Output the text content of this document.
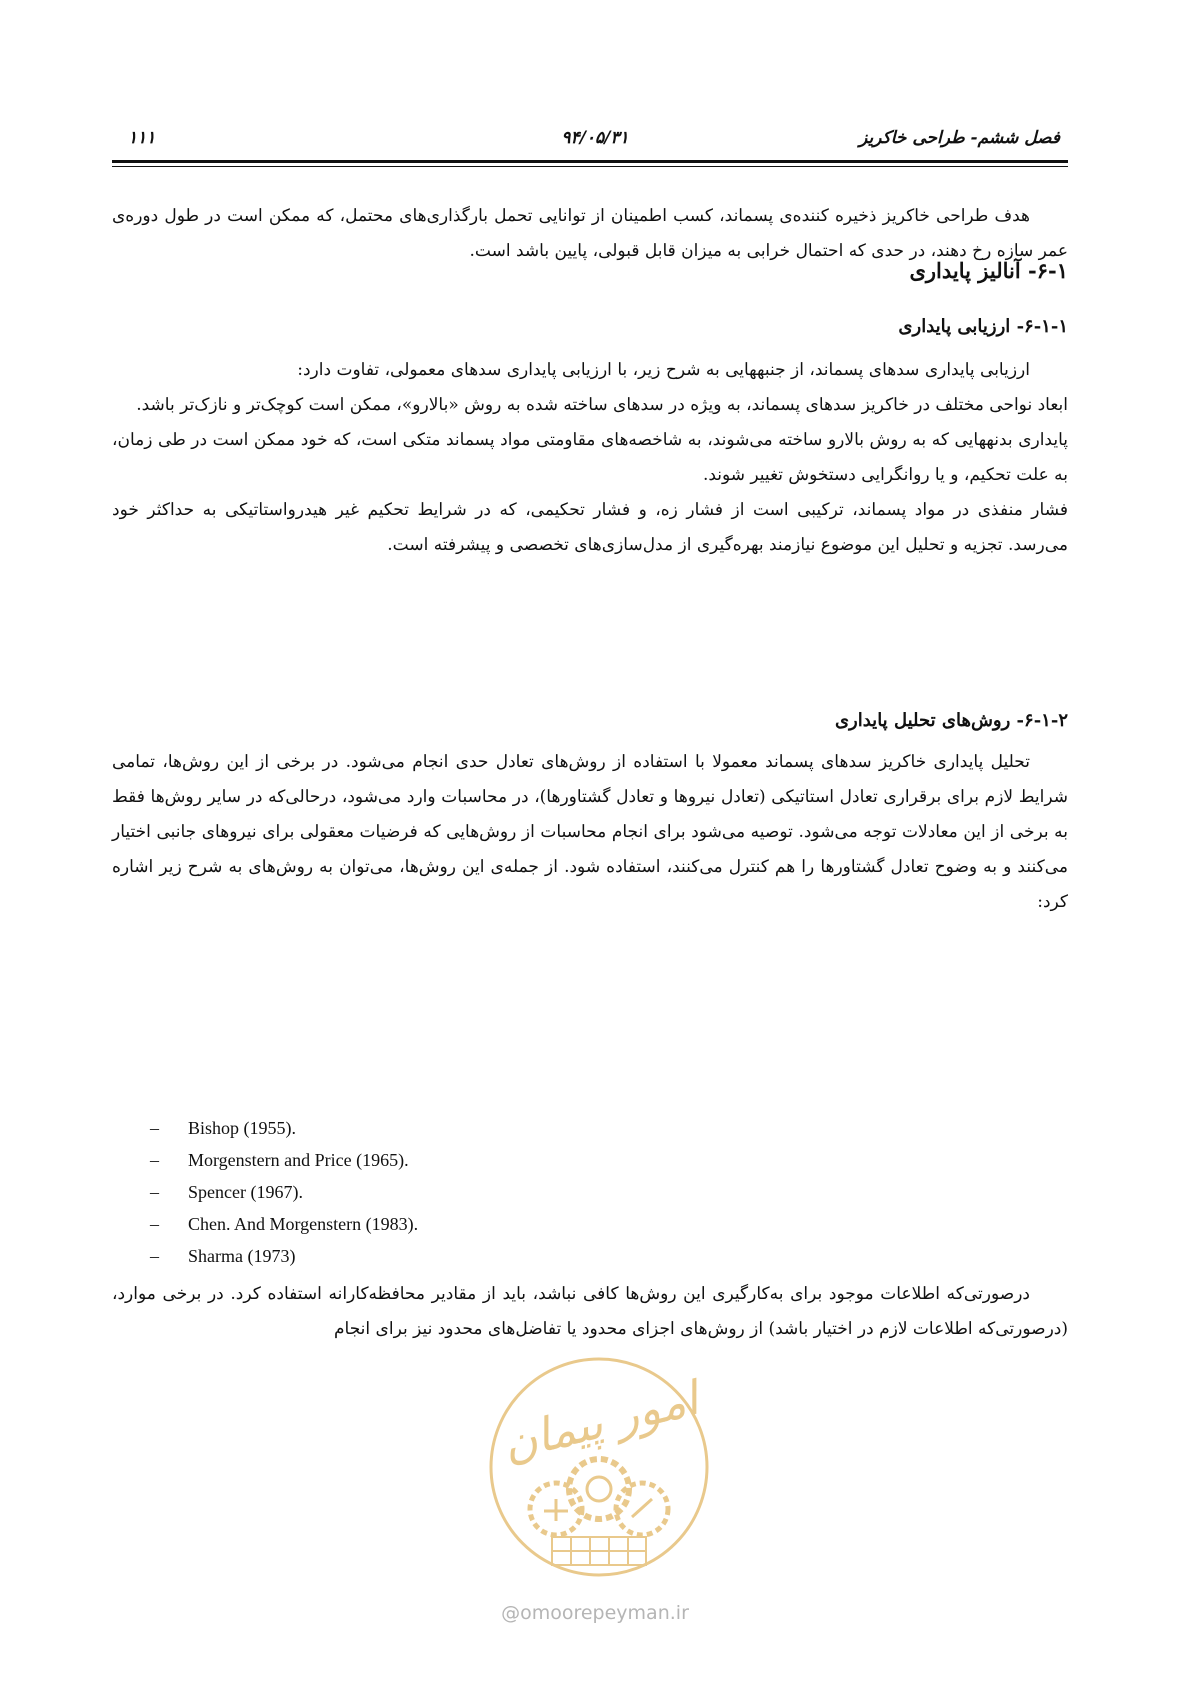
فصل ششم- طراحی خاکریز
۹۴/۰۵/۳۱
۱۱۱
هدف طراحی خاکریز ذخیره کننده‌ی پسماند، کسب اطمینان از توانایی تحمل بارگذاری‌های محتمل، که ممکن است در طول دوره‌ی عمر سازه رخ دهند، در حدی که احتمال خرابی به میزان قابل قبولی، پایین باشد است.
۶-۱- آنالیز پایداری
۶-۱-۱- ارزیابی پایداری

ارزیابی پایداری سدهای پسماند، از جنبههایی به شرح زیر، با ارزیابی پایداری سدهای معمولی، تفاوت دارد:

ابعاد نواحی مختلف در خاکریز سدهای پسماند، به ویژه در سدهای ساخته شده به روش «بالارو»، ممکن است کوچک‌تر و نازک‌تر باشد.

پایداری بدنههایی که به روش بالارو ساخته می‌شوند، به شاخصه‌های مقاومتی مواد پسماند متکی است، که خود ممکن است در طی زمان، به علت تحکیم، و یا روانگرایی دستخوش تغییر شوند.

فشار منفذی در مواد پسماند، ترکیبی است از فشار زه، و فشار تحکیمی، که در شرایط تحکیم غیر هیدرواستاتیکی به حداکثر خود می‌رسد. تجزیه و تحلیل این موضوع نیازمند بهره‌گیری از مدل‌سازی‌های تخصصی و پیشرفته است.

۶-۱-۲- روش‌های تحلیل پایداری
تحلیل پایداری خاکریز سدهای پسماند معمولا با استفاده از روش‌های تعادل حدی انجام می‌شود. در برخی از این روش‌ها، تمامی شرایط لازم برای برقراری تعادل استاتیکی (تعادل نیروها و تعادل گشتاورها)، در محاسبات وارد می‌شود، درحالی‌که در سایر روش‌ها فقط به برخی از این معادلات توجه می‌شود. توصیه می‌شود برای انجام محاسبات از روش‌هایی که فرضیات معقولی برای نیروهای جانبی اختیار می‌کنند و به وضوح تعادل گشتاورها را هم کنترل می‌کنند، استفاده شود. از جمله‌ی این روش‌ها، می‌توان به روش‌های به شرح زیر اشاره کرد:
– Bishop (1955).
– Morgenstern and Price (1965).
– Spencer (1967).
– Chen. And Morgenstern (1983).
– Sharma (1973)
درصورتی‌که اطلاعات موجود برای به‌کارگیری این روش‌ها کافی نباشد، باید از مقادیر محافظه‌کارانه استفاده کرد. در برخی موارد، (درصورتی‌که اطلاعات لازم در اختیار باشد) از روش‌های اجزای محدود یا تفاضل‌های محدود نیز برای انجام
امور پیمان
@omoorepeyman.ir
